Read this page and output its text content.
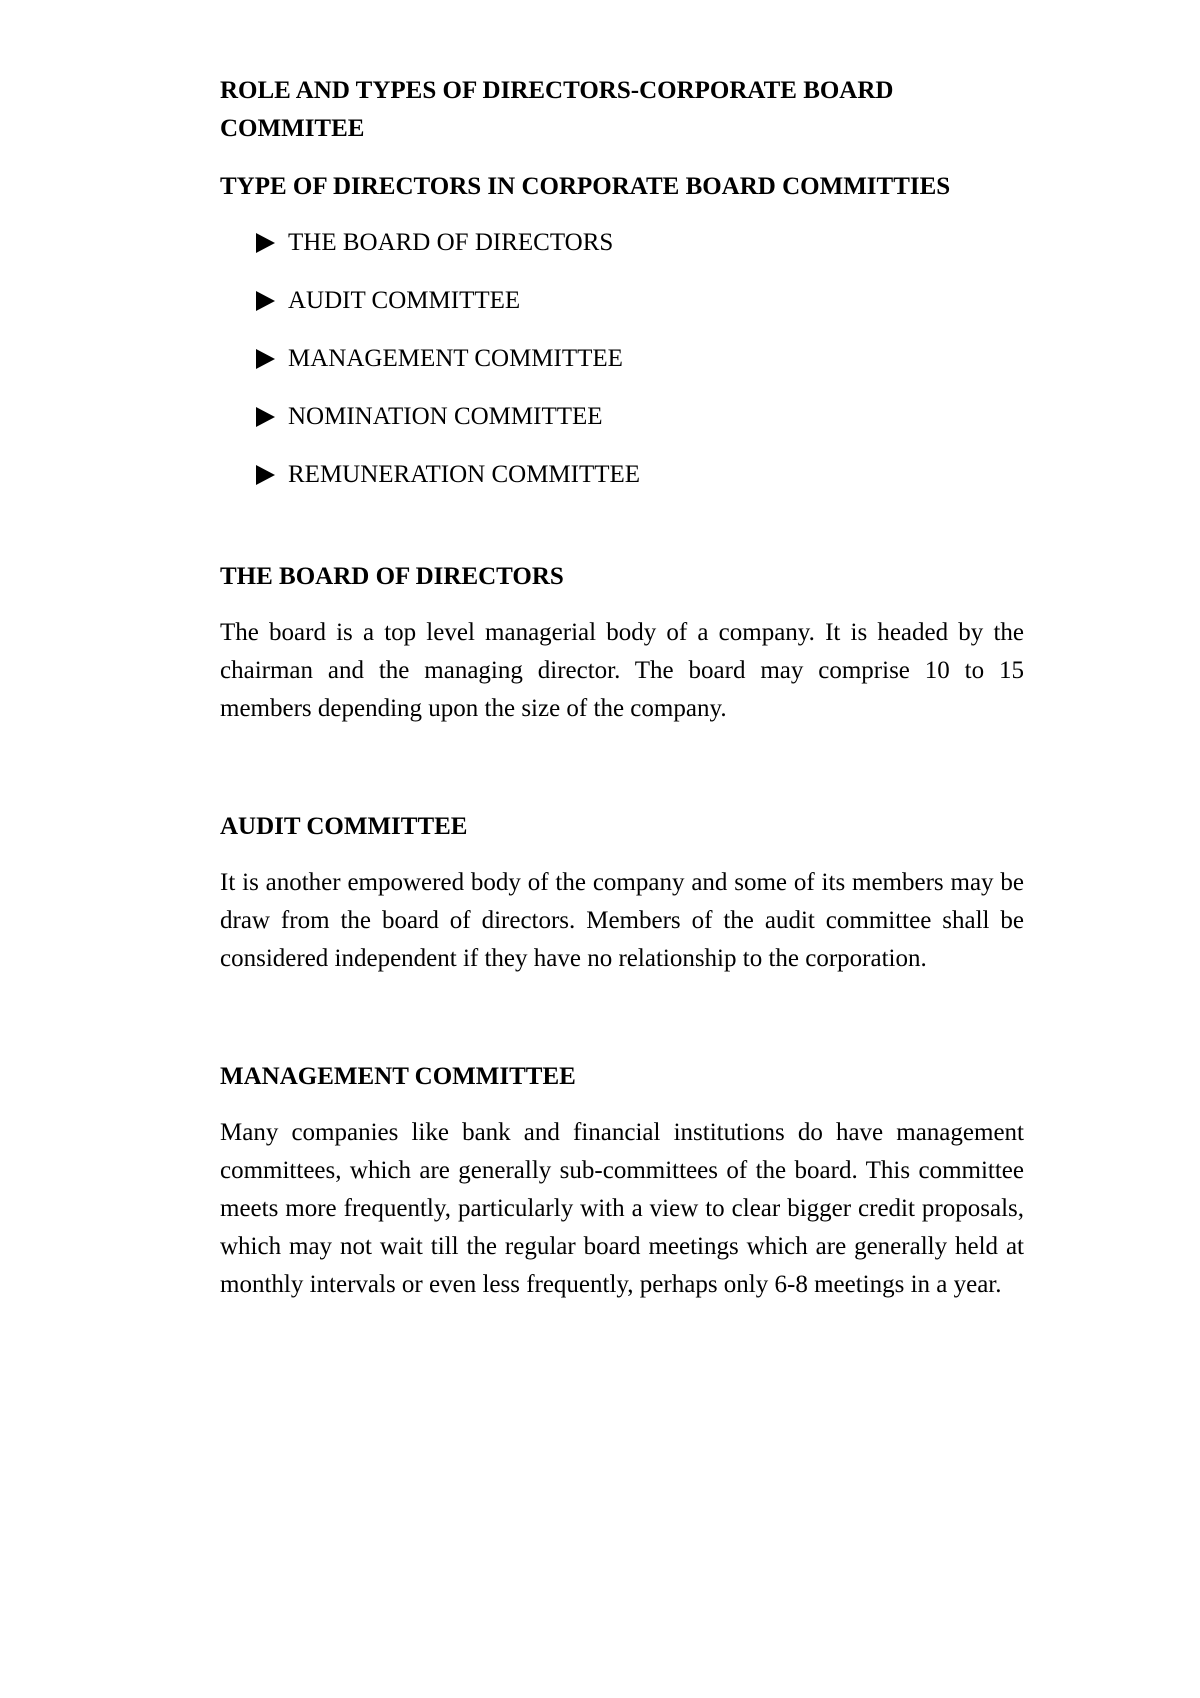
ROLE AND TYPES OF DIRECTORS-CORPORATE BOARD COMMITEE
TYPE OF DIRECTORS IN CORPORATE BOARD COMMITTIES
THE BOARD OF DIRECTORS
AUDIT COMMITTEE
MANAGEMENT COMMITTEE
NOMINATION COMMITTEE
REMUNERATION COMMITTEE
THE BOARD OF DIRECTORS

The board is a top level managerial body of a company. It is headed by the chairman and the managing director. The board may comprise 10 to 15 members depending upon the size of the company.

AUDIT COMMITTEE

It is another empowered body of the company and some of its members may be draw from the board of directors. Members of the audit committee shall be considered independent if they have no relationship to the corporation.

MANAGEMENT COMMITTEE

Many companies like bank and financial institutions do have management committees, which are generally sub-committees of the board. This committee meets more frequently, particularly with a view to clear bigger credit proposals, which may not wait till the regular board meetings which are generally held at monthly intervals or even less frequently, perhaps only 6-8 meetings in a year.
